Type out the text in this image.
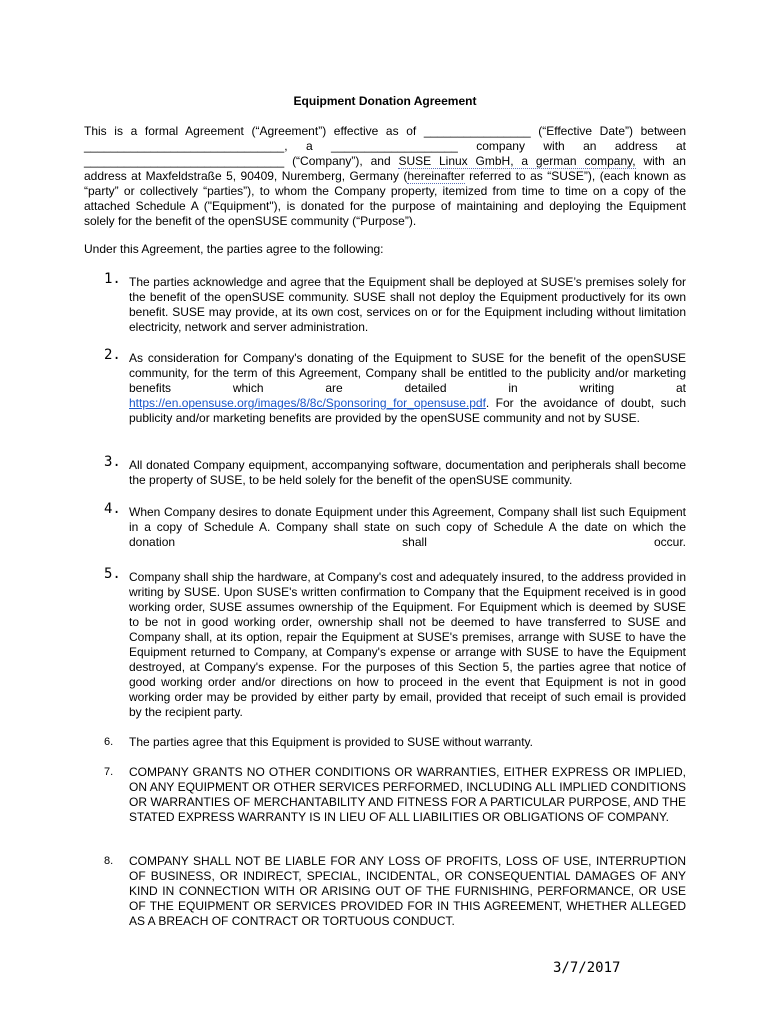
Equipment Donation Agreement
This is a formal Agreement (“Agreement”) effective as of ________________ (“Effective Date”) between ______________________________, a ___________________ company with an address at ______________________________ (“Company”), and SUSE Linux GmbH, a german company, with an address at Maxfeldstraße 5, 90409, Nuremberg, Germany (hereinafter referred to as “SUSE”), (each known as “party” or collectively “parties”), to whom the Company property, itemized from time to time on a copy of the attached Schedule A ("Equipment"), is donated for the purpose of maintaining and deploying the Equipment solely for the benefit of the openSUSE community (“Purpose”).
Under this Agreement, the parties agree to the following:
1. The parties acknowledge and agree that the Equipment shall be deployed at SUSE’s premises solely for the benefit of the openSUSE community. SUSE shall not deploy the Equipment productively for its own benefit. SUSE may provide, at its own cost, services on or for the Equipment including without limitation electricity, network and server administration.
2. As consideration for Company's donating of the Equipment to SUSE for the benefit of the openSUSE community, for the term of this Agreement, Company shall be entitled to the publicity and/or marketing benefits which are detailed in writing at https://en.opensuse.org/images/8/8c/Sponsoring_for_opensuse.pdf. For the avoidance of doubt, such publicity and/or marketing benefits are provided by the openSUSE community and not by SUSE.
3. All donated Company equipment, accompanying software, documentation and peripherals shall become the property of SUSE, to be held solely for the benefit of the openSUSE community.
4. When Company desires to donate Equipment under this Agreement, Company shall list such Equipment in a copy of Schedule A. Company shall state on such copy of Schedule A the date on which the donation shall occur.
5. Company shall ship the hardware, at Company's cost and adequately insured, to the address provided in writing by SUSE. Upon SUSE's written confirmation to Company that the Equipment received is in good working order, SUSE assumes ownership of the Equipment. For Equipment which is deemed by SUSE to be not in good working order, ownership shall not be deemed to have transferred to SUSE and Company shall, at its option, repair the Equipment at SUSE's premises, arrange with SUSE to have the Equipment returned to Company, at Company's expense or arrange with SUSE to have the Equipment destroyed, at Company's expense. For the purposes of this Section 5, the parties agree that notice of good working order and/or directions on how to proceed in the event that Equipment is not in good working order may be provided by either party by email, provided that receipt of such email is provided by the recipient party.
6.	The parties agree that this Equipment is provided to SUSE without warranty.
7.	COMPANY GRANTS NO OTHER CONDITIONS OR WARRANTIES, EITHER EXPRESS OR IMPLIED, ON ANY EQUIPMENT OR OTHER SERVICES PERFORMED, INCLUDING ALL IMPLIED CONDITIONS OR WARRANTIES OF MERCHANTABILITY AND FITNESS FOR A PARTICULAR PURPOSE, AND THE STATED EXPRESS WARRANTY IS IN LIEU OF ALL LIABILITIES OR OBLIGATIONS OF COMPANY.
8.	COMPANY SHALL NOT BE LIABLE FOR ANY LOSS OF PROFITS, LOSS OF USE, INTERRUPTION OF BUSINESS, OR INDIRECT, SPECIAL, INCIDENTAL, OR CONSEQUENTIAL DAMAGES OF ANY KIND IN CONNECTION WITH OR ARISING OUT OF THE FURNISHING, PERFORMANCE, OR USE OF THE EQUIPMENT OR SERVICES PROVIDED FOR IN THIS AGREEMENT, WHETHER ALLEGED AS A BREACH OF CONTRACT OR TORTUOUS CONDUCT.
3/7/2017
